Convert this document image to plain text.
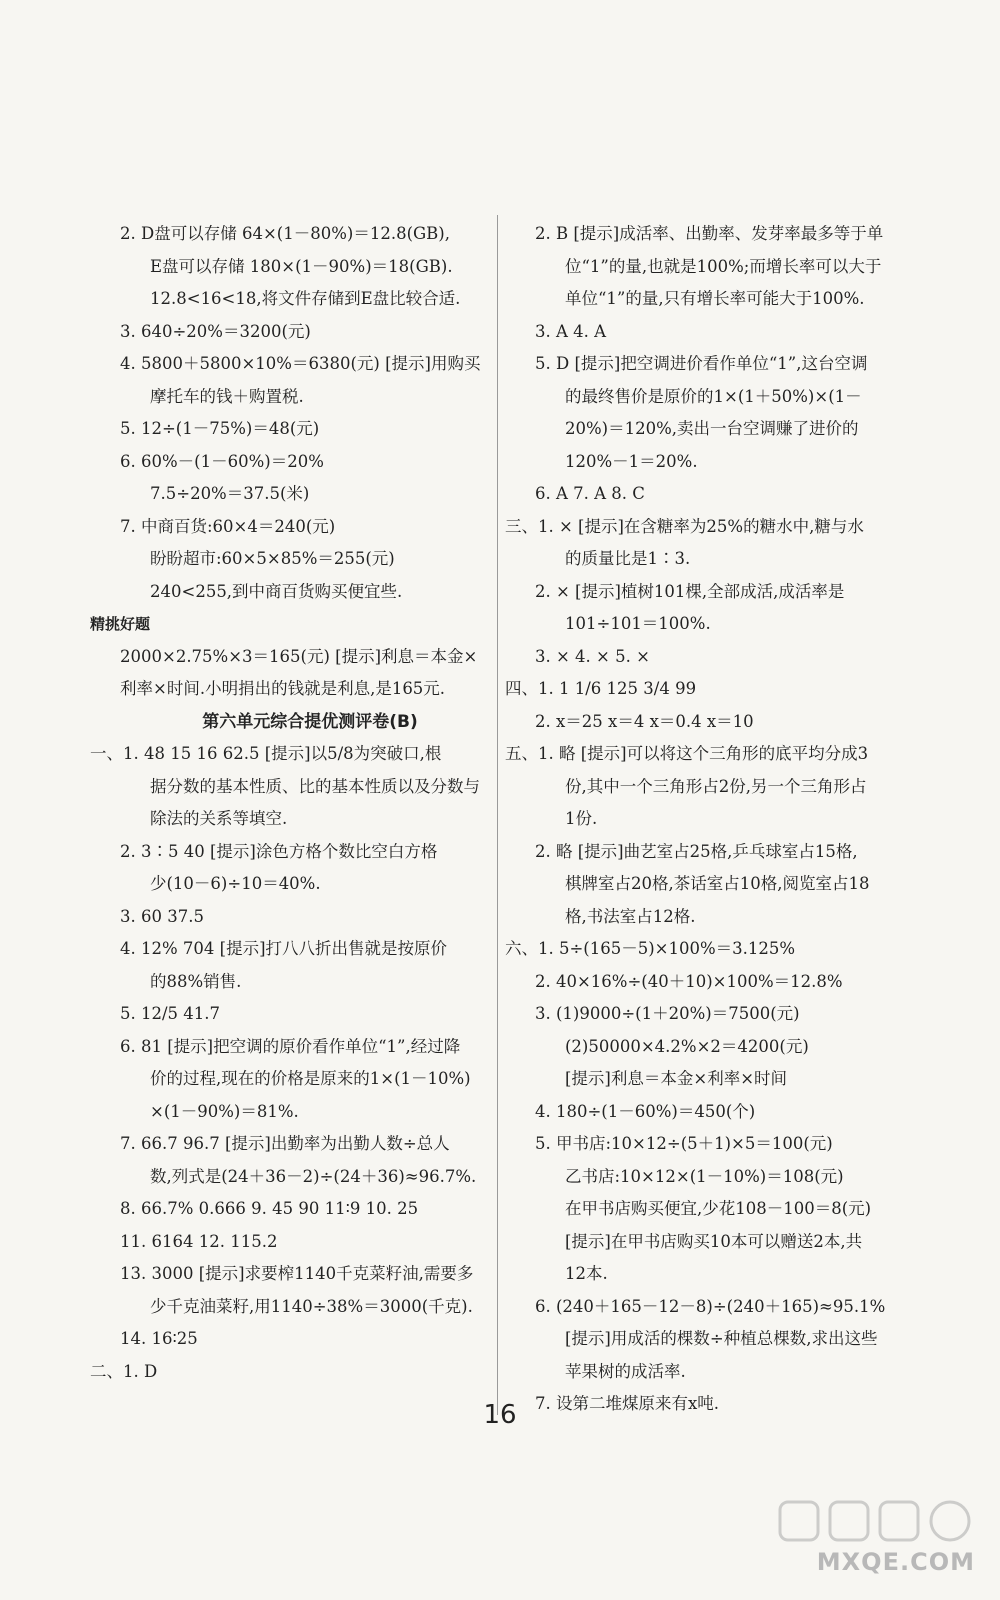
2. D盘可以存储 64×(1－80%)＝12.8(GB),
E盘可以存储 180×(1－90%)＝18(GB).
12.8<16<18,将文件存储到E盘比较合适.
3. 640÷20%＝3200(元)
4. 5800＋5800×10%＝6380(元) [提示]用购买
摩托车的钱＋购置税.
5. 12÷(1－75%)＝48(元)
6. 60%－(1－60%)＝20%
7.5÷20%＝37.5(米)
7. 中商百货:60×4＝240(元)
盼盼超市:60×5×85%＝255(元)
240<255,到中商百货购买便宜些.
精挑好题
2000×2.75%×3＝165(元) [提示]利息＝本金×
利率×时间.小明捐出的钱就是利息,是165元.
第六单元综合提优测评卷(B)
一、1. 48 15 16 62.5 [提示]以5/8为突破口,根
据分数的基本性质、比的基本性质以及分数与
除法的关系等填空.
2. 3∶5 40 [提示]涂色方格个数比空白方格
少(10－6)÷10＝40%.
3. 60 37.5
4. 12% 704 [提示]打八八折出售就是按原价
的88%销售.
5. 12/5 41.7
6. 81 [提示]把空调的原价看作单位“1”,经过降
价的过程,现在的价格是原来的1×(1－10%)
×(1－90%)＝81%.
7. 66.7 96.7 [提示]出勤率为出勤人数÷总人
数,列式是(24＋36－2)÷(24＋36)≈96.7%.
8. 66.7% 0.666 9. 45 90 11∶9 10. 25
11. 6164 12. 115.2
13. 3000 [提示]求要榨1140千克菜籽油,需要多
少千克油菜籽,用1140÷38%＝3000(千克).
14. 16∶25
二、1. D
2. B [提示]成活率、出勤率、发芽率最多等于单
位“1”的量,也就是100%;而增长率可以大于
单位“1”的量,只有增长率可能大于100%.
3. A 4. A
5. D [提示]把空调进价看作单位“1”,这台空调
的最终售价是原价的1×(1＋50%)×(1－
20%)＝120%,卖出一台空调赚了进价的
120%－1＝20%.
6. A 7. A 8. C
三、1. × [提示]在含糖率为25%的糖水中,糖与水
的质量比是1∶3.
2. × [提示]植树101棵,全部成活,成活率是
101÷101＝100%.
3. × 4. × 5. ×
四、1. 1 1/6 125 3/4 99
2. x＝25 x＝4 x＝0.4 x＝10
五、1. 略 [提示]可以将这个三角形的底平均分成3
份,其中一个三角形占2份,另一个三角形占
1份.
2. 略 [提示]曲艺室占25格,乒乓球室占15格,
棋牌室占20格,茶话室占10格,阅览室占18
格,书法室占12格.
六、1. 5÷(165－5)×100%＝3.125%
2. 40×16%÷(40＋10)×100%＝12.8%
3. (1)9000÷(1＋20%)＝7500(元)
(2)50000×4.2%×2＝4200(元)
[提示]利息＝本金×利率×时间
4. 180÷(1－60%)＝450(个)
5. 甲书店:10×12÷(5＋1)×5＝100(元)
乙书店:10×12×(1－10%)＝108(元)
在甲书店购买便宜,少花108－100＝8(元)
[提示]在甲书店购买10本可以赠送2本,共
12本.
6. (240＋165－12－8)÷(240＋165)≈95.1%
[提示]用成活的棵数÷种植总棵数,求出这些
苹果树的成活率.
7. 设第二堆煤原来有x吨.
16
MXQE.COM
